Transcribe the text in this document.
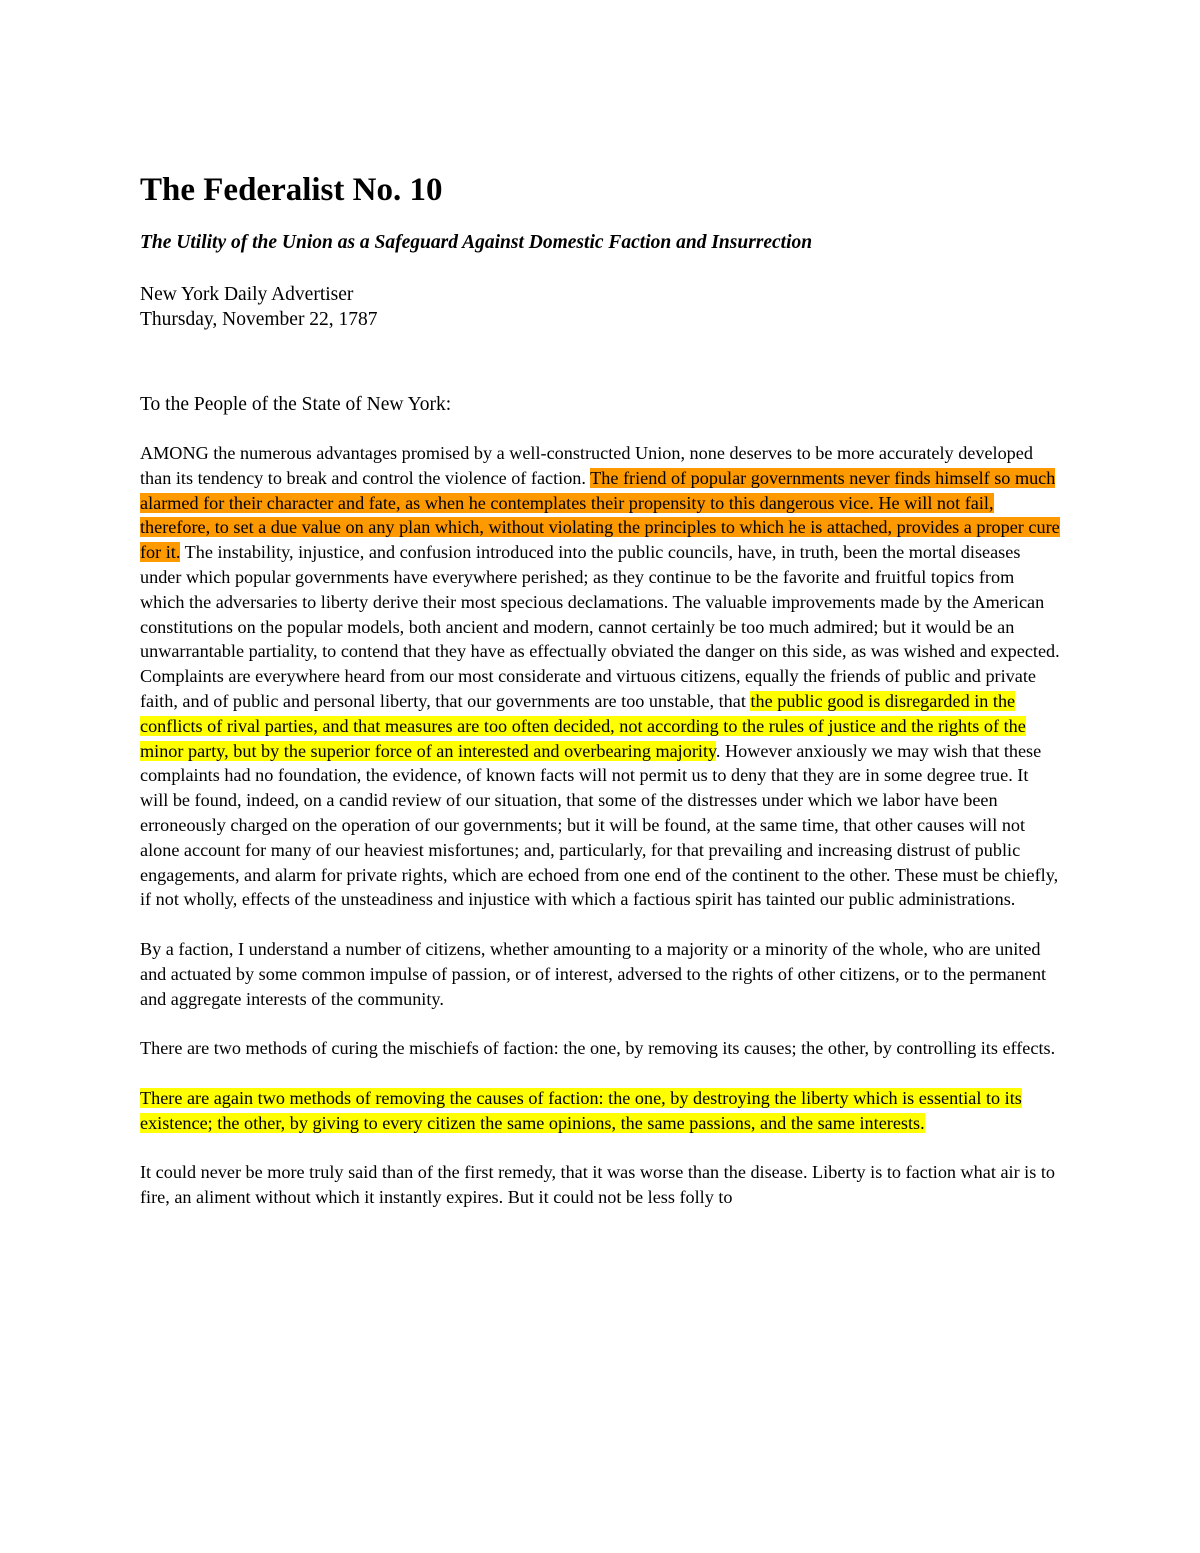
The Federalist No. 10
The Utility of the Union as a Safeguard Against Domestic Faction and Insurrection
New York Daily Advertiser
Thursday, November 22, 1787
To the People of the State of New York:

AMONG the numerous advantages promised by a well-constructed Union, none deserves to be more accurately developed than its tendency to break and control the violence of faction. The friend of popular governments never finds himself so much alarmed for their character and fate, as when he contemplates their propensity to this dangerous vice. He will not fail, therefore, to set a due value on any plan which, without violating the principles to which he is attached, provides a proper cure for it. The instability, injustice, and confusion introduced into the public councils, have, in truth, been the mortal diseases under which popular governments have everywhere perished; as they continue to be the favorite and fruitful topics from which the adversaries to liberty derive their most specious declamations. The valuable improvements made by the American constitutions on the popular models, both ancient and modern, cannot certainly be too much admired; but it would be an unwarrantable partiality, to contend that they have as effectually obviated the danger on this side, as was wished and expected. Complaints are everywhere heard from our most considerate and virtuous citizens, equally the friends of public and private faith, and of public and personal liberty, that our governments are too unstable, that the public good is disregarded in the conflicts of rival parties, and that measures are too often decided, not according to the rules of justice and the rights of the minor party, but by the superior force of an interested and overbearing majority. However anxiously we may wish that these complaints had no foundation, the evidence, of known facts will not permit us to deny that they are in some degree true. It will be found, indeed, on a candid review of our situation, that some of the distresses under which we labor have been erroneously charged on the operation of our governments; but it will be found, at the same time, that other causes will not alone account for many of our heaviest misfortunes; and, particularly, for that prevailing and increasing distrust of public engagements, and alarm for private rights, which are echoed from one end of the continent to the other. These must be chiefly, if not wholly, effects of the unsteadiness and injustice with which a factious spirit has tainted our public administrations.

By a faction, I understand a number of citizens, whether amounting to a majority or a minority of the whole, who are united and actuated by some common impulse of passion, or of interest, adversed to the rights of other citizens, or to the permanent and aggregate interests of the community.

There are two methods of curing the mischiefs of faction: the one, by removing its causes; the other, by controlling its effects.

There are again two methods of removing the causes of faction: the one, by destroying the liberty which is essential to its existence; the other, by giving to every citizen the same opinions, the same passions, and the same interests.

It could never be more truly said than of the first remedy, that it was worse than the disease. Liberty is to faction what air is to fire, an aliment without which it instantly expires. But it could not be less folly to
